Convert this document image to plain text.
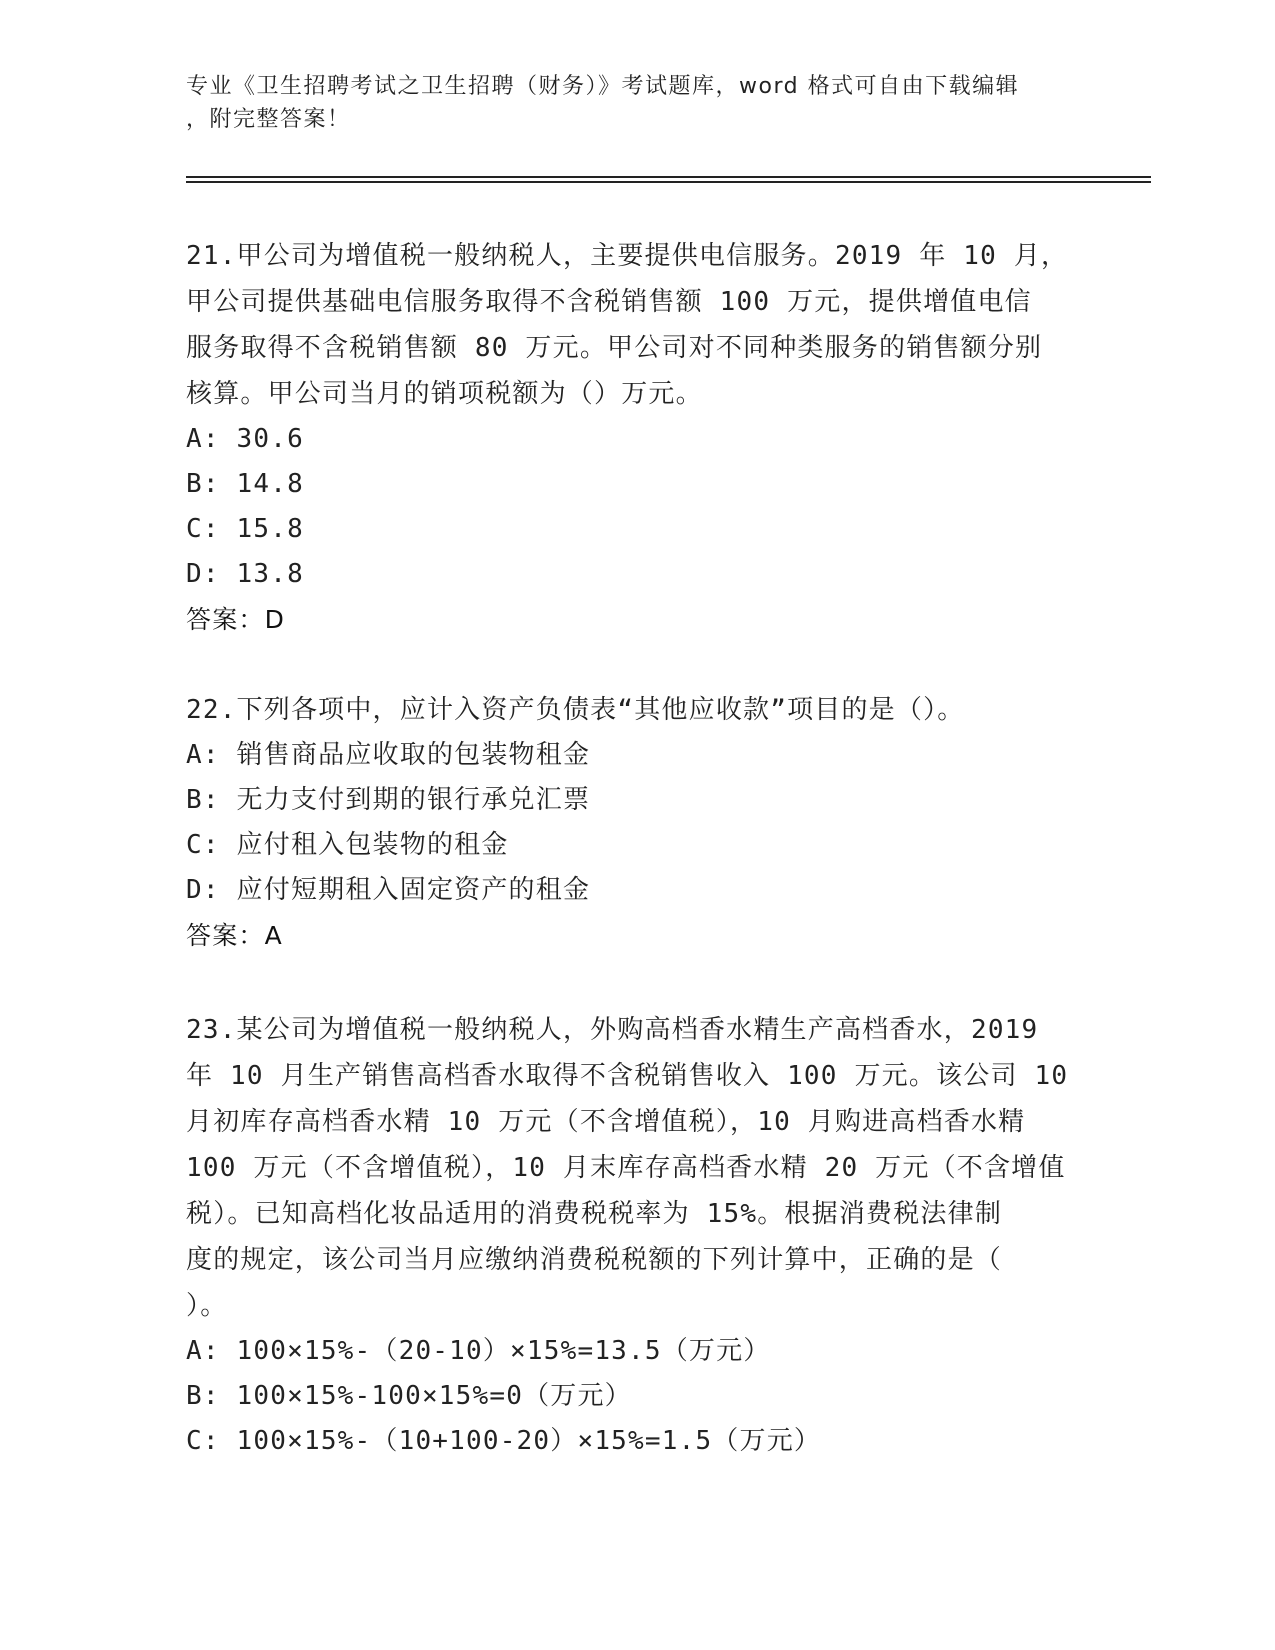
专业《卫生招聘考试之卫生招聘（财务）》考试题库，word 格式可自由下载编辑
，附完整答案！
21.甲公司为增值税一般纳税人，主要提供电信服务。2019 年 10 月，
甲公司提供基础电信服务取得不含税销售额 100 万元，提供增值电信
服务取得不含税销售额 80 万元。甲公司对不同种类服务的销售额分别
核算。甲公司当月的销项税额为（）万元。
A: 30.6
B: 14.8
C: 15.8
D: 13.8
答案：D
22.下列各项中，应计入资产负债表“其他应收款”项目的是（）。
A: 销售商品应收取的包装物租金
B: 无力支付到期的银行承兑汇票
C: 应付租入包装物的租金
D: 应付短期租入固定资产的租金
答案：A
23.某公司为增值税一般纳税人，外购高档香水精生产高档香水，2019
年 10 月生产销售高档香水取得不含税销售收入 100 万元。该公司 10
月初库存高档香水精 10 万元（不含增值税），10 月购进高档香水精
100 万元（不含增值税），10 月末库存高档香水精 20 万元（不含增值
税）。已知高档化妆品适用的消费税税率为 15%。根据消费税法律制
度的规定，该公司当月应缴纳消费税税额的下列计算中，正确的是（
）。
A: 100×15%-（20-10）×15%=13.5（万元）
B: 100×15%-100×15%=0（万元）
C: 100×15%-（10+100-20）×15%=1.5（万元）
